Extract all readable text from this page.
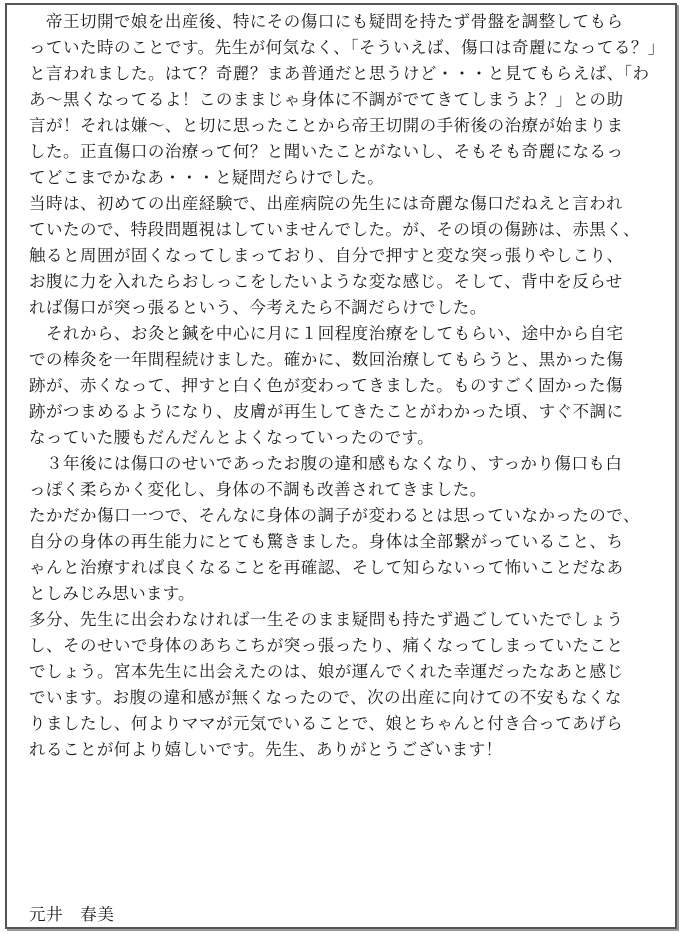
　帝王切開で娘を出産後、特にその傷口にも疑問を持たず骨盤を調整してもら
っていた時のことです。先生が何気なく、「そういえば、傷口は奇麗になってる？」
と言われました。はて？奇麗？まあ普通だと思うけど・・・と見てもらえば、「わ
あ〜黒くなってるよ！このままじゃ身体に不調がでてきてしまうよ？」との助
言が！それは嫌〜、と切に思ったことから帝王切開の手術後の治療が始まりま
した。正直傷口の治療って何？と聞いたことがないし、そもそも奇麗になるっ
てどこまでかなあ・・・と疑問だらけでした。
当時は、初めての出産経験で、出産病院の先生には奇麗な傷口だねえと言われ
ていたので、特段問題視はしていませんでした。が、その頃の傷跡は、赤黒く、
触ると周囲が固くなってしまっており、自分で押すと変な突っ張りやしこり、
お腹に力を入れたらおしっこをしたいような変な感じ。そして、背中を反らせ
れば傷口が突っ張るという、今考えたら不調だらけでした。
　それから、お灸と鍼を中心に月に１回程度治療をしてもらい、途中から自宅
での棒灸を一年間程続けました。確かに、数回治療してもらうと、黒かった傷
跡が、赤くなって、押すと白く色が変わってきました。ものすごく固かった傷
跡がつまめるようになり、皮膚が再生してきたことがわかった頃、すぐ不調に
なっていた腰もだんだんとよくなっていったのです。
　３年後には傷口のせいであったお腹の違和感もなくなり、すっかり傷口も白
っぽく柔らかく変化し、身体の不調も改善されてきました。
たかだか傷口一つで、そんなに身体の調子が変わるとは思っていなかったので、
自分の身体の再生能力にとても驚きました。身体は全部繋がっていること、ち
ゃんと治療すれば良くなることを再確認、そして知らないって怖いことだなあ
としみじみ思います。
多分、先生に出会わなければ一生そのまま疑問も持たず過ごしていたでしょう
し、そのせいで身体のあちこちが突っ張ったり、痛くなってしまっていたこと
でしょう。宮本先生に出会えたのは、娘が運んでくれた幸運だったなあと感じ
でいます。お腹の違和感が無くなったので、次の出産に向けての不安もなくな
りましたし、何よりママが元気でいることで、娘とちゃんと付き合ってあげら
れることが何より嬉しいです。先生、ありがとうございます！
元井　春美
